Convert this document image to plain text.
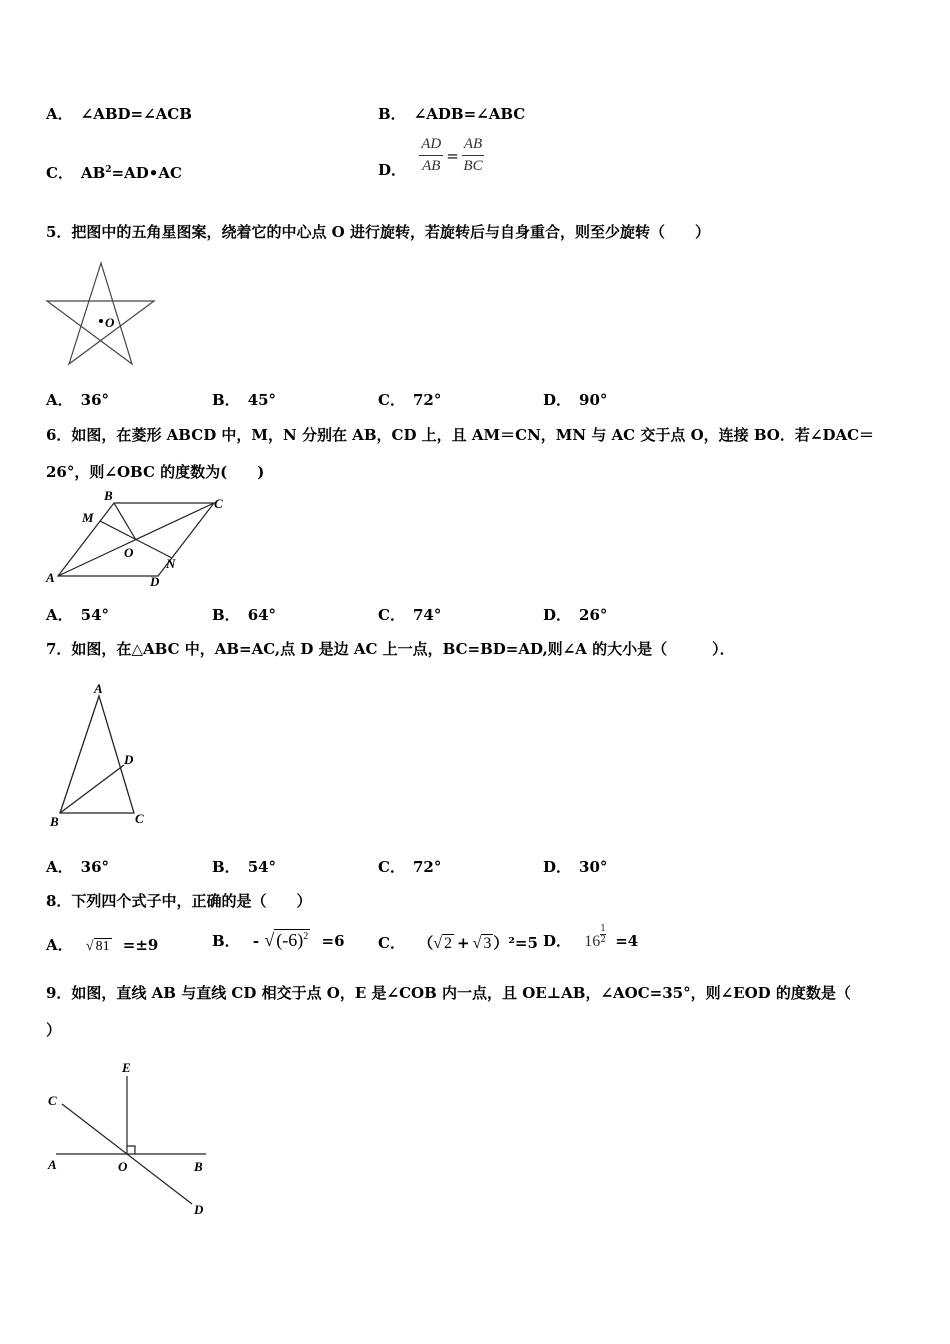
A． ∠ABD=∠ACB	B． ∠ADB=∠ABC
C． $AB^2=AD•AC$	D． $\frac{AD}{AB} = \frac{AB}{BC}$
5．把图中的五角星图案，绕着它的中心点 O 进行旋转，若旋转后与自身重合，则至少旋转（　　）
O
A． 36°	B． 45°	C． 72°	D． 90°
6．如图，在菱形 ABCD 中，M，N 分别在 AB，CD 上，且 AM＝CN，MN 与 AC 交于点 O，连接 BO．若∠DAC＝
26°，则∠OBC 的度数为(　　)
B
C
M
O
N
A	D
A． 54°	B． 64°	C． 74°	D． 26°
7．如图，在△ABC 中，AB=AC,点 D 是边 AC 上一点，BC=BD=AD,则∠A 的大小是（　　　）．
A
D
B	C
A． 36°	B． 54°	C． 72°	D． 30°
8．下列四个式子中，正确的是（　　）
A． √ 81 =±9	B． - √ $(-6)^2 =6$ C． （√ 2 + √ 3 ）²=5 D． $16 \frac{1}{2} =4$
9．如图，直线 AB 与直线 CD 相交于点 O，E 是∠COB 内一点，且 OE⊥AB，∠AOC=35°，则∠EOD 的度数是（
）
E
C
A	O	B
D
